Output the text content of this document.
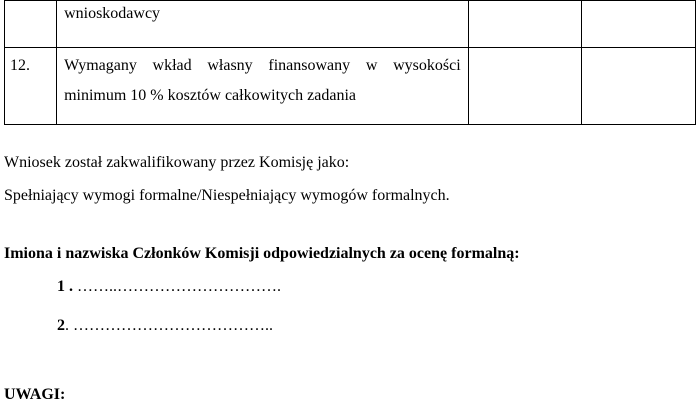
	wnioskodawcy		

12.	Wymagany wkład własny finansowany w wysokości minimum 10 % kosztów całkowitych zadania		

Wniosek został zakwalifikowany przez Komisję jako:
Spełniający wymogi formalne/Niespełniający wymogów formalnych.
Imiona i nazwiska Członków Komisji odpowiedzialnych za ocenę formalną:
1 . ……..………………………….
2. ………………………………..
UWAGI:
